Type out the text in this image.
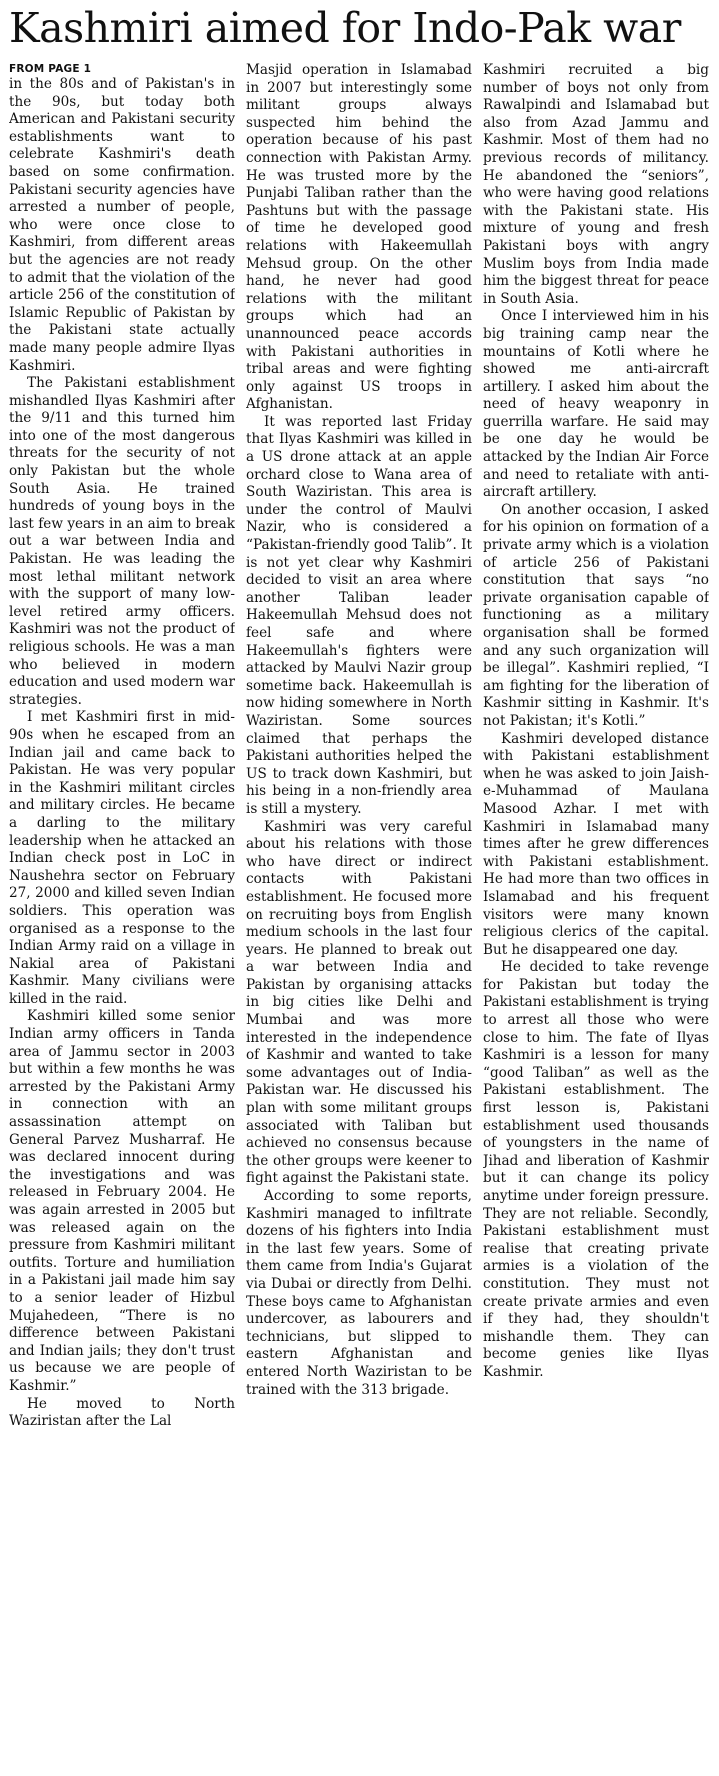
Kashmiri aimed for Indo-Pak war
FROM PAGE 1

in the 80s and of Pakistan's in the 90s, but today both American and Pakistani security establishments want to celebrate Kashmiri's death based on some confirmation. Pakistani security agencies have arrested a number of people, who were once close to Kashmiri, from different areas but the agencies are not ready to admit that the violation of the article 256 of the constitution of Islamic Republic of Pakistan by the Pakistani state actually made many people admire Ilyas Kashmiri.

The Pakistani establishment mishandled Ilyas Kashmiri after the 9/11 and this turned him into one of the most dangerous threats for the security of not only Pakistan but the whole South Asia. He trained hundreds of young boys in the last few years in an aim to break out a war between India and Pakistan. He was leading the most lethal militant network with the support of many low-level retired army officers. Kashmiri was not the product of religious schools. He was a man who believed in modern education and used modern war strategies.

I met Kashmiri first in mid-90s when he escaped from an Indian jail and came back to Pakistan. He was very popular in the Kashmiri militant circles and military circles. He became a darling to the military leadership when he attacked an Indian check post in LoC in Naushehra sector on February 27, 2000 and killed seven Indian soldiers. This operation was organised as a response to the Indian Army raid on a village in Nakial area of Pakistani Kashmir. Many civilians were killed in the raid.

Kashmiri killed some senior Indian army officers in Tanda area of Jammu sector in 2003 but within a few months he was arrested by the Pakistani Army in connection with an assassination attempt on General Parvez Musharraf. He was declared innocent during the investigations and was released in February 2004. He was again arrested in 2005 but was released again on the pressure from Kashmiri militant outfits. Torture and humiliation in a Pakistani jail made him say to a senior leader of Hizbul Mujahedeen, “There is no difference between Pakistani and Indian jails; they don't trust us because we are people of Kashmir.”

He moved to North Waziristan after the Lal

Masjid operation in Islamabad in 2007 but interestingly some militant groups always suspected him behind the operation because of his past connection with Pakistan Army. He was trusted more by the Punjabi Taliban rather than the Pashtuns but with the passage of time he developed good relations with Hakeemullah Mehsud group. On the other hand, he never had good relations with the militant groups which had an unannounced peace accords with Pakistani authorities in tribal areas and were fighting only against US troops in Afghanistan.

It was reported last Friday that Ilyas Kashmiri was killed in a US drone attack at an apple orchard close to Wana area of South Waziristan. This area is under the control of Maulvi Nazir, who is considered a “Pakistan-friendly good Talib”. It is not yet clear why Kashmiri decided to visit an area where another Taliban leader Hakeemullah Mehsud does not feel safe and where Hakeemullah's fighters were attacked by Maulvi Nazir group sometime back. Hakeemullah is now hiding somewhere in North Waziristan. Some sources claimed that perhaps the Pakistani authorities helped the US to track down Kashmiri, but his being in a non-friendly area is still a mystery.

Kashmiri was very careful about his relations with those who have direct or indirect contacts with Pakistani establishment. He focused more on recruiting boys from English medium schools in the last four years. He planned to break out a war between India and Pakistan by organising attacks in big cities like Delhi and Mumbai and was more interested in the independence of Kashmir and wanted to take some advantages out of India-Pakistan war. He discussed his plan with some militant groups associated with Taliban but achieved no consensus because the other groups were keener to fight against the Pakistani state.

According to some reports, Kashmiri managed to infiltrate dozens of his fighters into India in the last few years. Some of them came from India's Gujarat via Dubai or directly from Delhi. These boys came to Afghanistan undercover, as labourers and technicians, but slipped to eastern Afghanistan and entered North Waziristan to be trained with the 313 brigade.

Kashmiri recruited a big number of boys not only from Rawalpindi and Islamabad but also from Azad Jammu and Kashmir. Most of them had no previous records of militancy. He abandoned the “seniors”, who were having good relations with the Pakistani state. His mixture of young and fresh Pakistani boys with angry Muslim boys from India made him the biggest threat for peace in South Asia.

Once I interviewed him in his big training camp near the mountains of Kotli where he showed me anti-aircraft artillery. I asked him about the need of heavy weaponry in guerrilla warfare. He said may be one day he would be attacked by the Indian Air Force and need to retaliate with anti-aircraft artillery.

On another occasion, I asked for his opinion on formation of a private army which is a violation of article 256 of Pakistani constitution that says “no private organisation capable of functioning as a military organisation shall be formed and any such organization will be illegal”. Kashmiri replied, “I am fighting for the liberation of Kashmir sitting in Kashmir. It's not Pakistan; it's Kotli.”

Kashmiri developed distance with Pakistani establishment when he was asked to join Jaish-e-Muhammad of Maulana Masood Azhar. I met with Kashmiri in Islamabad many times after he grew differences with Pakistani establishment. He had more than two offices in Islamabad and his frequent visitors were many known religious clerics of the capital. But he disappeared one day.

He decided to take revenge for Pakistan but today the Pakistani establishment is trying to arrest all those who were close to him. The fate of Ilyas Kashmiri is a lesson for many “good Taliban” as well as the Pakistani establishment. The first lesson is, Pakistani establishment used thousands of youngsters in the name of Jihad and liberation of Kashmir but it can change its policy anytime under foreign pressure. They are not reliable. Secondly, Pakistani establishment must realise that creating private armies is a violation of the constitution. They must not create private armies and even if they had, they shouldn't mishandle them. They can become genies like Ilyas Kashmir.
